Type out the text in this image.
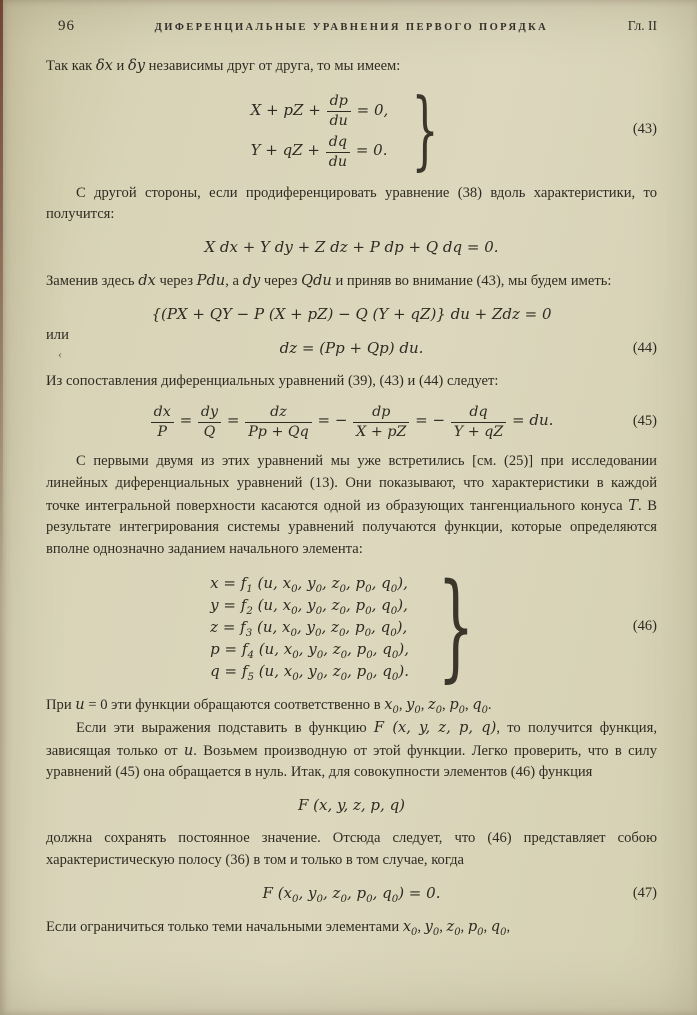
96	ДИФЕРЕНЦИАЛЬНЫЕ УРАВНЕНИЯ ПЕРВОГО ПОРЯДКА	Гл. II

Так как δx и δy независимы друг от друга, то мы имеем:

X + pZ + $\frac{dp}{du} = 0$,
Y + qZ + $\frac{dq}{du} = 0$. }	(43)

С другой стороны, если продиференцировать уравнение (38) вдоль характеристики, то получится:

X dx + Y dy + Z dz + P dp + Q dq = 0.

Заменив здесь dx через Pdu, а dy через Qdu и приняв во внимание (43), мы будем иметь:

{(PX + QY − P (X + pZ) − Q (Y + qZ)} du + Zdz = 0
или
‹	dz = (Pp + Qp) du.	(44)

Из сопоставления диференциальных уравнений (39), (43) и (44) следует:

$\frac{dx}{P} = \frac{dy}{Q} = \frac{dz}{Pp + Qq}$ = − $\frac{dp}{X + pZ}$ = − $\frac{dq}{Y + qZ}$ = du.	(45)

С первыми двумя из этих уравнений мы уже встретились [см. (25)] при исследовании линейных диференциальных уравнений (13). Они показывают, что характеристики в каждой точке интегральной поверхности касаются одной из образующих тангенциального конуса T. В результате интегрирования системы уравнений получаются функции, которые определяются вполне однозначно заданием начального элемента:

$x = f_1$ (u, $x_0$, $y_0$, $z_0$, $p_0$, $q_0$),
$y = f_2$ (u, $x_0$, $y_0$, $z_0$, $p_0$, $q_0$),
$z = f_3$ (u, $x_0$, $y_0$, $z_0$, $p_0$, $q_0$),
$p = f_4$ (u, $x_0$, $y_0$, $z_0$, $p_0$, $q_0$),
$q = f_5$ (u, $x_0$, $y_0$, $z_0$, $p_0$, $q_0$). }	(46)

При u = 0 эти функции обращаются соответственно в $x_0$, $y_0$, $z_0$, $p_0$, $q_0$.

Если эти выражения подставить в функцию F (x, y, z, p, q), то получится функция, зависящая только от u. Возьмем производную от этой функции. Легко проверить, что в силу уравнений (45) она обращается в нуль. Итак, для совокупности элементов (46) функция

F (x, y, z, p, q)

должна сохранять постоянное значение. Отсюда следует, что (46) представляет собою характеристическую полосу (36) в том и только в том случае, когда

F ($x_0$, $y_0$, $z_0$, $p_0$, $q_0) = 0$.	(47)

Если ограничиться только теми начальными элементами $x_0$, $y_0$, $z_0$, $p_0$, $q_0$,
